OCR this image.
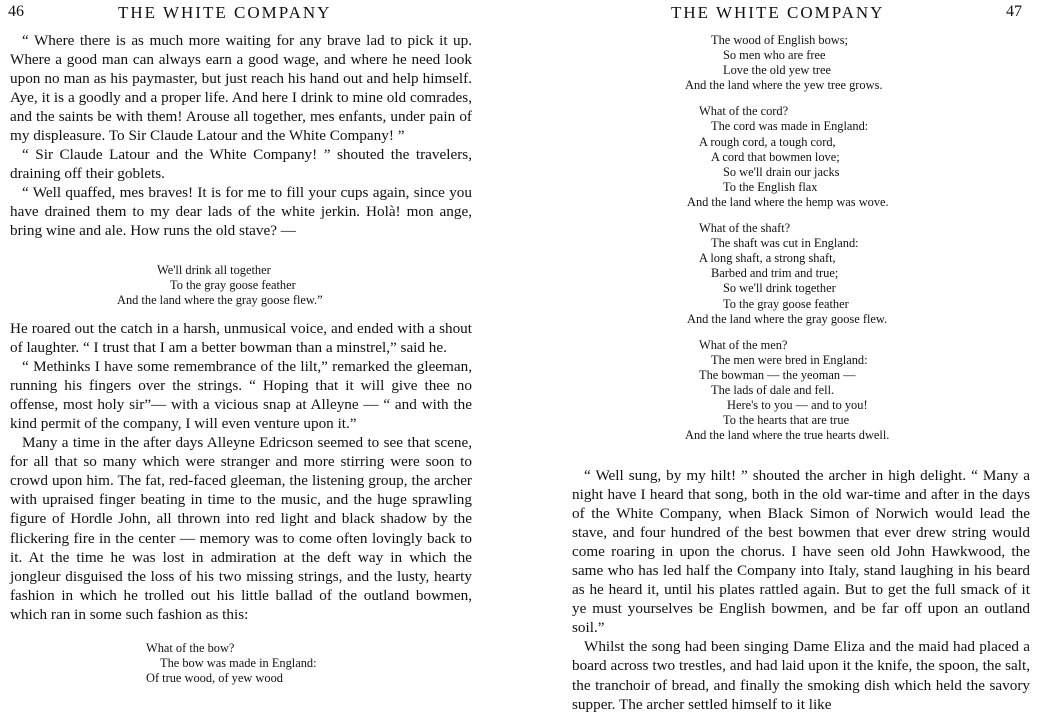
46	THE WHITE COMPANY

“ Where there is as much more waiting for any brave lad to pick it up. Where a good man can always earn a good wage, and where he need look upon no man as his paymaster, but just reach his hand out and help himself. Aye, it is a goodly and a proper life. And here I drink to mine old comrades, and the saints be with them! Arouse all together, mes enfants, under pain of my displeasure. To Sir Claude Latour and the White Company! ”

“ Sir Claude Latour and the White Company! ” shouted the travelers, draining off their goblets.

“ Well quaffed, mes braves! It is for me to fill your cups again, since you have drained them to my dear lads of the white jerkin. Holà! mon ange, bring wine and ale. How runs the old stave? —

We'll drink all together
To the gray goose feather
And the land where the gray goose flew.”

He roared out the catch in a harsh, unmusical voice, and ended with a shout of laughter. “ I trust that I am a better bowman than a minstrel,” said he.

“ Methinks I have some remembrance of the lilt,” remarked the gleeman, running his fingers over the strings. “ Hoping that it will give thee no offense, most holy sir”— with a vicious snap at Alleyne — “ and with the kind permit of the company, I will even venture upon it.”

Many a time in the after days Alleyne Edricson seemed to see that scene, for all that so many which were stranger and more stirring were soon to crowd upon him. The fat, red-faced gleeman, the listening group, the archer with upraised finger beating in time to the music, and the huge sprawling figure of Hordle John, all thrown into red light and black shadow by the flickering fire in the center — memory was to come often lovingly back to it. At the time he was lost in admiration at the deft way in which the jongleur disguised the loss of his two missing strings, and the lusty, hearty fashion in which he trolled out his little ballad of the outland bowmen, which ran in some such fashion as this:

What of the bow?
The bow was made in England:
Of true wood, of yew wood
THE WHITE COMPANY	47
The wood of English bows;
So men who are free
Love the old yew tree
And the land where the yew tree grows.
What of the cord?
The cord was made in England:
A rough cord, a tough cord,
A cord that bowmen love;
So we'll drain our jacks
To the English flax
And the land where the hemp was wove.
What of the shaft?
The shaft was cut in England:
A long shaft, a strong shaft,
Barbed and trim and true;
So we'll drink together
To the gray goose feather
And the land where the gray goose flew.
What of the men?
The men were bred in England:
The bowman — the yeoman —
The lads of dale and fell.
Here's to you — and to you!
To the hearts that are true
And the land where the true hearts dwell.

“ Well sung, by my hilt! ” shouted the archer in high delight. “ Many a night have I heard that song, both in the old war-time and after in the days of the White Company, when Black Simon of Norwich would lead the stave, and four hundred of the best bowmen that ever drew string would come roaring in upon the chorus. I have seen old John Hawkwood, the same who has led half the Company into Italy, stand laughing in his beard as he heard it, until his plates rattled again. But to get the full smack of it ye must yourselves be English bowmen, and be far off upon an outland soil.”

Whilst the song had been singing Dame Eliza and the maid had placed a board across two trestles, and had laid upon it the knife, the spoon, the salt, the tranchoir of bread, and finally the smoking dish which held the savory supper. The archer settled himself to it like
